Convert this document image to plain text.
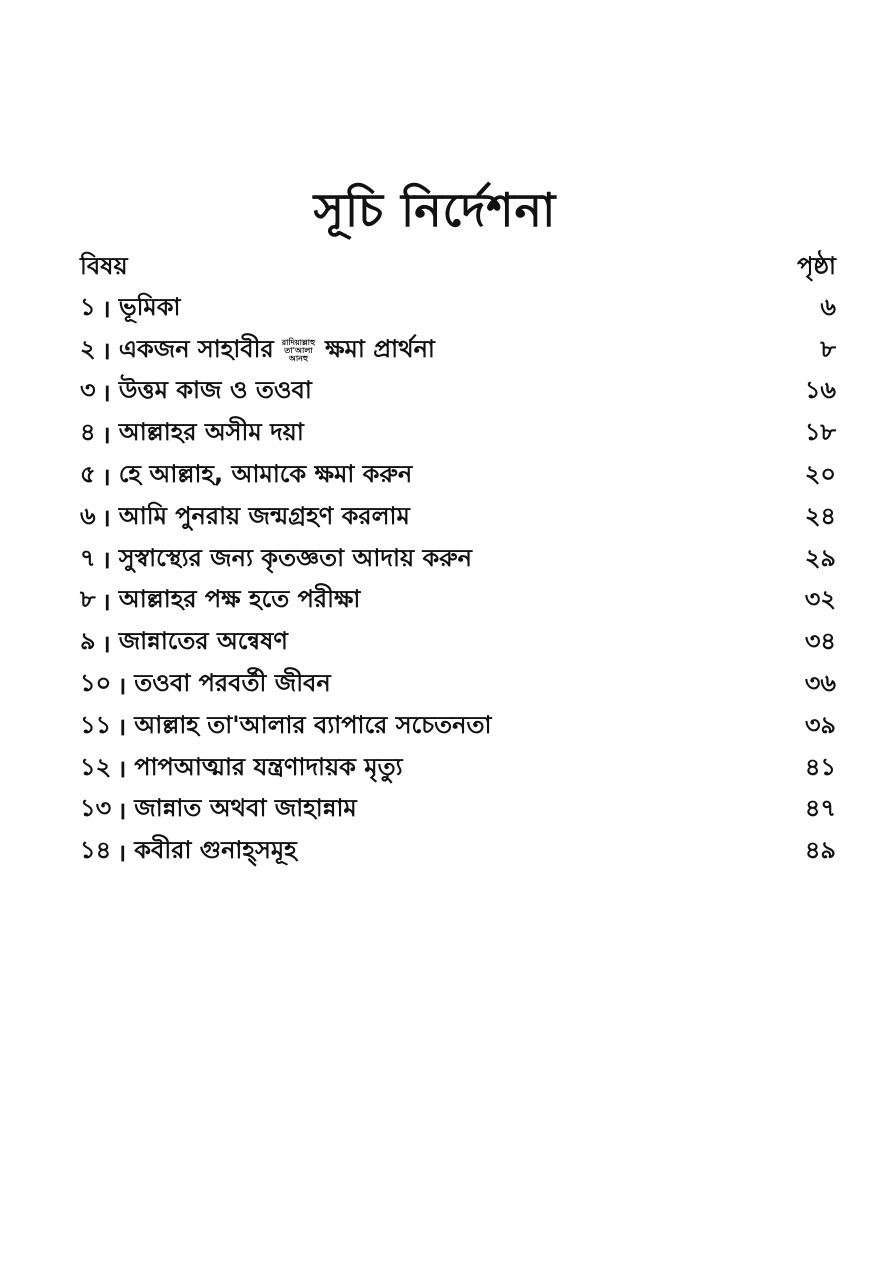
সূচি নির্দেশনা
বিষয়	পৃষ্ঠা
১ । ভূমিকা	৬
২ । একজন সাহাবীর রাদিয়াল্লাহু
তা'আলা
আনহু ক্ষমা প্রার্থনা	৮
৩ । উত্তম কাজ ও তওবা	১৬
৪ । আল্লাহর অসীম দয়া	১৮
৫ । হে আল্লাহ, আমাকে ক্ষমা করুন	২০
৬ । আমি পুনরায় জন্মগ্রহণ করলাম	২৪
৭ । সুস্বাস্থ্যের জন্য কৃতজ্ঞতা আদায় করুন	২৯
৮ । আল্লাহর পক্ষ হতে পরীক্ষা	৩২
৯ । জান্নাতের অন্বেষণ	৩৪
১০ । তওবা পরবর্তী জীবন	৩৬
১১ । আল্লাহ তা'আলার ব্যাপারে সচেতনতা	৩৯
১২ । পাপআত্মার যন্ত্রণাদায়ক মৃত্যু	৪১
১৩ । জান্নাত অথবা জাহান্নাম	৪৭
১৪ । কবীরা গুনাহ্সমূহ	৪৯
